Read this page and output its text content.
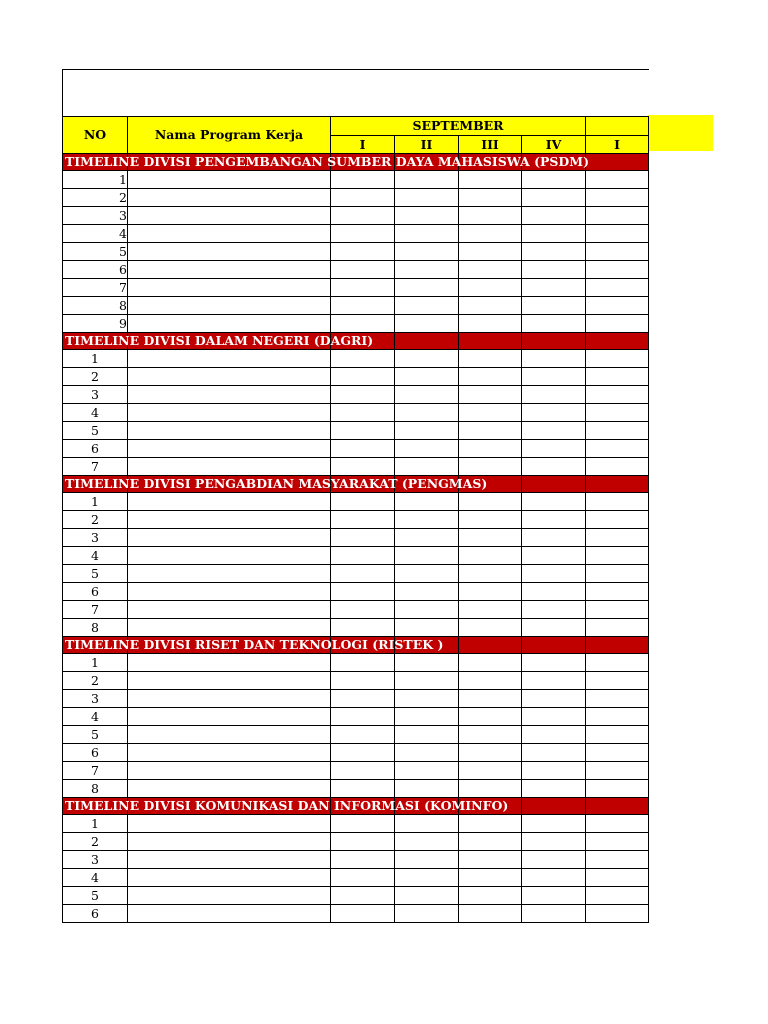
NO	Nama Program Kerja	SEPTEMBER				
		I	II	III	IV	I

TIMELINE DIVISI PENGEMBANGAN SUMBER DAYA MAHASISWA (PSDM)						

1						
2						
3						
4						
5						
6						
7						
8						
9						

TIMELINE DIVISI DALAM NEGERI (DAGRI)						

1						
2						
3						
4						
5						
6						
7						

TIMELINE DIVISI PENGABDIAN MASYARAKAT (PENGMAS)						

1						
2						
3						
4						
5						
6						
7						
8						

TIMELINE DIVISI RISET DAN TEKNOLOGI (RISTEK )						

1						
2						
3						
4						
5						
6						
7						
8						

TIMELINE DIVISI KOMUNIKASI DAN INFORMASI (KOMINFO)						

1						
2						
3						
4						
5						
6						
